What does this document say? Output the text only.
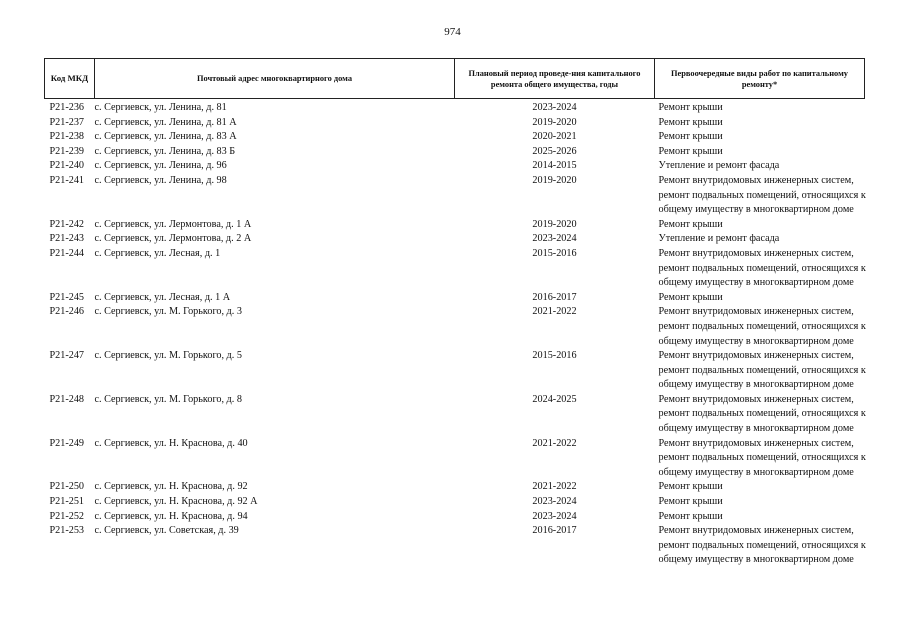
974
Код МКД	Почтовый адрес многоквартирного дома	Плановый период проведе-ния капитального ремонта общего имущества, годы	Первоочередные виды работ по капитальному ремонту*
Р21-236	с. Сергиевск, ул. Ленина, д. 81	2023-2024	Ремонт крыши

Р21-237	с. Сергиевск, ул. Ленина, д. 81 А	2019-2020	Ремонт крыши

Р21-238	с. Сергиевск, ул. Ленина, д. 83 А	2020-2021	Ремонт крыши

Р21-239	с. Сергиевск, ул. Ленина, д. 83 Б	2025-2026	Ремонт крыши

Р21-240	с. Сергиевск, ул. Ленина, д. 96	2014-2015	Утепление и ремонт фасада

Р21-241	с. Сергиевск, ул. Ленина, д. 98	2019-2020	Ремонт внутридомовых инженерных систем,
ремонт подвальных помещений, относящихся к
общему имуществу в многоквартирном доме

Р21-242	с. Сергиевск, ул. Лермонтова, д. 1 А	2019-2020	Ремонт крыши

Р21-243	с. Сергиевск, ул. Лермонтова, д. 2 А	2023-2024	Утепление и ремонт фасада

Р21-244	с. Сергиевск, ул. Лесная, д. 1	2015-2016	Ремонт внутридомовых инженерных систем,
ремонт подвальных помещений, относящихся к
общему имуществу в многоквартирном доме

Р21-245	с. Сергиевск, ул. Лесная, д. 1 А	2016-2017	Ремонт крыши

Р21-246	с. Сергиевск, ул. М. Горького, д. 3	2021-2022	Ремонт внутридомовых инженерных систем,
ремонт подвальных помещений, относящихся к
общему имуществу в многоквартирном доме

Р21-247	с. Сергиевск, ул. М. Горького, д. 5	2015-2016	Ремонт внутридомовых инженерных систем,
ремонт подвальных помещений, относящихся к
общему имуществу в многоквартирном доме

Р21-248	с. Сергиевск, ул. М. Горького, д. 8	2024-2025	Ремонт внутридомовых инженерных систем,
ремонт подвальных помещений, относящихся к
общему имуществу в многоквартирном доме

Р21-249	с. Сергиевск, ул. Н. Краснова, д. 40	2021-2022	Ремонт внутридомовых инженерных систем,
ремонт подвальных помещений, относящихся к
общему имуществу в многоквартирном доме

Р21-250	с. Сергиевск, ул. Н. Краснова, д. 92	2021-2022	Ремонт крыши

Р21-251	с. Сергиевск, ул. Н. Краснова, д. 92 А	2023-2024	Ремонт крыши

Р21-252	с. Сергиевск, ул. Н. Краснова, д. 94	2023-2024	Ремонт крыши

Р21-253	с. Сергиевск, ул. Советская, д. 39	2016-2017	Ремонт внутридомовых инженерных систем,
ремонт подвальных помещений, относящихся к
общему имуществу в многоквартирном доме
